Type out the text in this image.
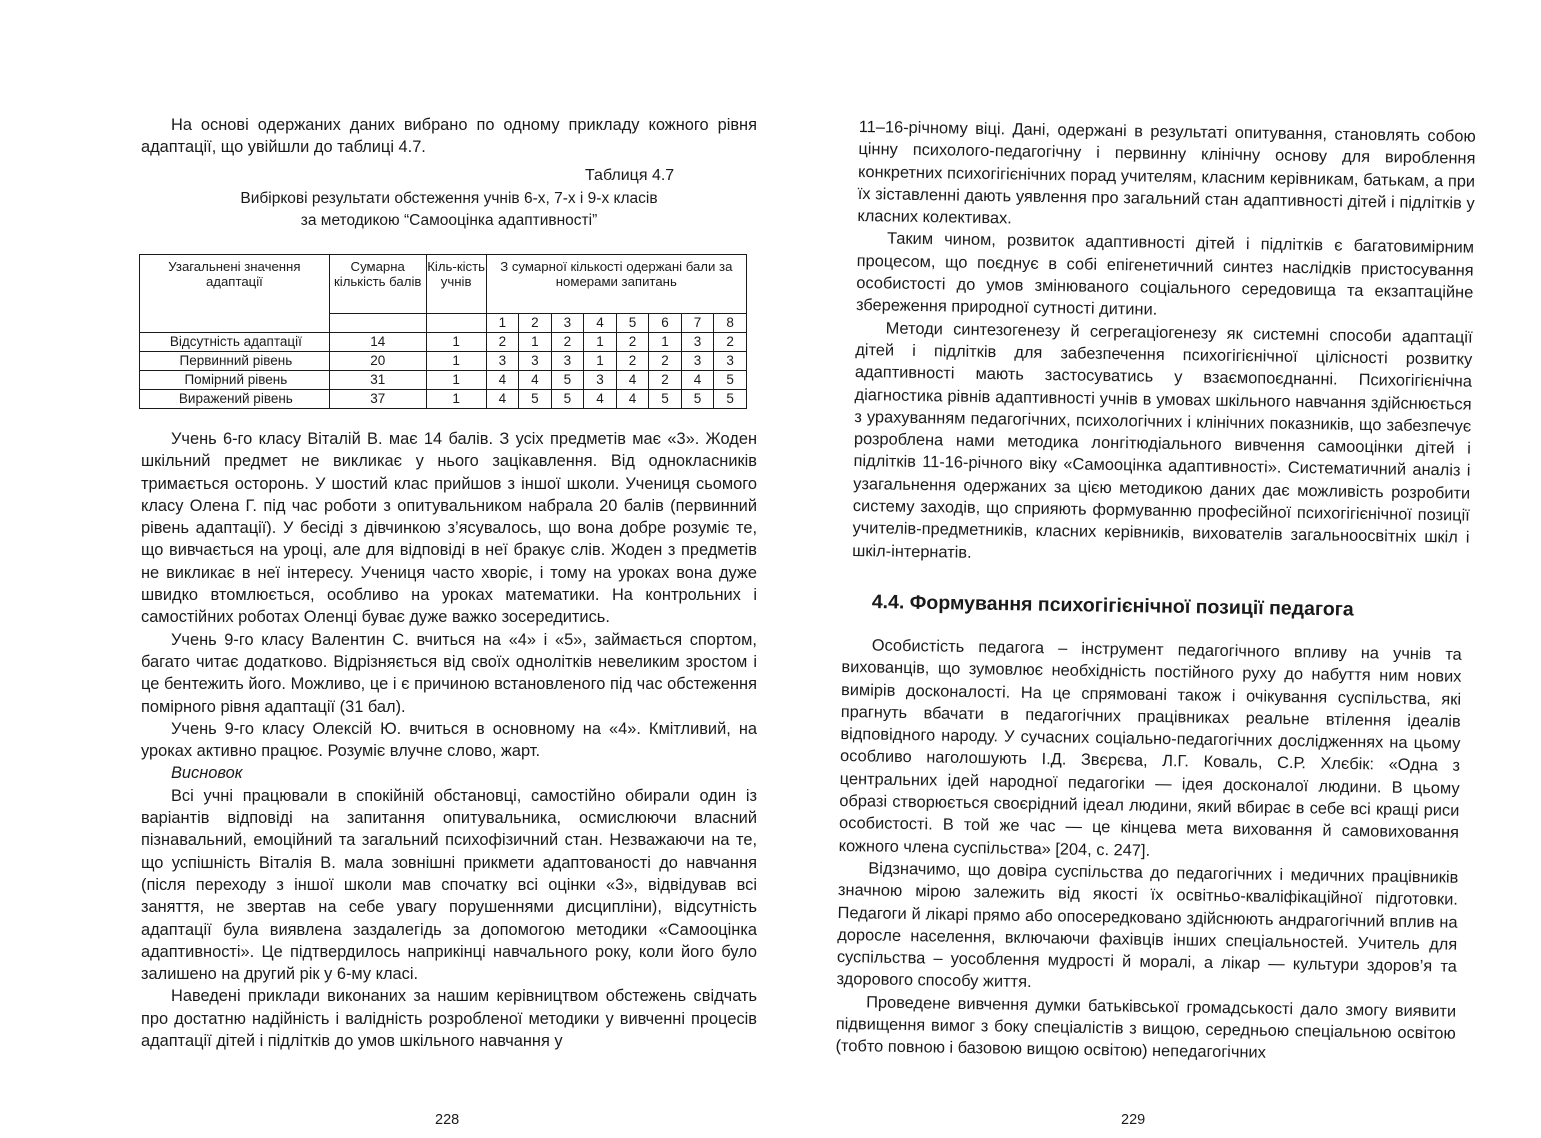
На основі одержаних даних вибрано по одному прикладу кожного рівня адаптації, що увійшли до таблиці 4.7.

Таблиця 4.7
Вибіркові результати обстеження учнів 6-х, 7-х і 9-х класів
за методикою “Самооцінка адаптивності”
Узагальнені значення адаптації	Сумарна кількість балів	Кіль-кість учнів	З сумарної кількості одержані бали за номерами запитань							
			1	2	3	4	5	6	7	8
Відсутність адаптації	14	1	2	1	2	1	2	1	3	2
Первинний рівень	20	1	3	3	3	1	2	2	3	3
Помірний рівень	31	1	4	4	5	3	4	2	4	5
Виражений рівень	37	1	4	5	5	4	4	5	5	5

Учень 6-го класу Віталій В. має 14 балів. З усіх предметів має «3». Жоден шкільний предмет не викликає у нього зацікавлення. Від однокласників тримається осторонь. У шостий клас прийшов з іншої школи. Учениця сьомого класу Олена Г. під час роботи з опитувальником набрала 20 балів (первинний рівень адаптації). У бесіді з дівчинкою з’ясувалось, що вона добре розуміє те, що вивчається на уроці, але для відповіді в неї бракує слів. Жоден з предметів не викликає в неї інтересу. Учениця часто хворіє, і тому на уроках вона дуже швидко втомлюється, особливо на уроках математики. На контрольних і самостійних роботах Оленці буває дуже важко зосередитись.

Учень 9-го класу Валентин С. вчиться на «4» і «5», займається спортом, багато читає додатково. Відрізняється від своїх однолітків невеликим зростом і це бентежить його. Можливо, це і є причиною встановленого під час обстеження помірного рівня адаптації (31 бал).

Учень 9-го класу Олексій Ю. вчиться в основному на «4». Кмітливий, на уроках активно працює. Розуміє влучне слово, жарт.

Висновок

Всі учні працювали в спокійній обстановці, самостійно обирали один із варіантів відповіді на запитання опитувальника, осмислюючи власний пізнавальний, емоційний та загальний психофізичний стан. Незважаючи на те, що успішність Віталія В. мала зовнішні прикмети адаптованості до навчання (після переходу з іншої школи мав спочатку всі оцінки «3», відвідував всі заняття, не звертав на себе увагу порушеннями дисципліни), відсутність адаптації була виявлена заздалегідь за допомогою методики «Самооцінка адаптивності». Це підтвердилось наприкінці навчального року, коли його було залишено на другий рік у 6-му класі.

Наведені приклади виконаних за нашим керівництвом обстежень свідчать про достатню надійність і валідність розробленої методики у вивченні процесів адаптації дітей і підлітків до умов шкільного навчання у

228

11–16-річному віці. Дані, одержані в результаті опитування, становлять собою цінну психолого-педагогічну і первинну клінічну основу для вироблення конкретних психогігієнічних порад учителям, класним керівникам, батькам, а при їх зіставленні дають уявлення про загальний стан адаптивності дітей і підлітків у класних колективах.

Таким чином, розвиток адаптивності дітей і підлітків є багатовимірним процесом, що поєднує в собі епігенетичний синтез наслідків пристосування особистості до умов змінюваного соціального середовища та екзаптаційне збереження природної сутності дитини.

Методи синтезогенезу й сегрегаціогенезу як системні способи адаптації дітей і підлітків для забезпечення психогігієнічної цілісності розвитку адаптивності мають застосуватись у взаємопоєднанні. Психогігієнічна діагностика рівнів адаптивності учнів в умовах шкільного навчання здійснюється з урахуванням педагогічних, психологічних і клінічних показників, що забезпечує розроблена нами методика лонгітюдіального вивчення самооцінки дітей і підлітків 11-16-річного віку «Самооцінка адаптивності». Систематичний аналіз і узагальнення одержаних за цією методикою даних дає можливість розробити систему заходів, що сприяють формуванню професійної психогігієнічної позиції учителів-предметників, класних керівників, вихователів загальноосвітніх шкіл і шкіл-інтернатів.

4.4. Формування психогігієнічної позиції педагога

Особистість педагога – інструмент педагогічного впливу на учнів та вихованців, що зумовлює необхідність постійного руху до набуття ним нових вимірів досконалості. На це спрямовані також і очікування суспільства, які прагнуть вбачати в педагогічних працівниках реальне втілення ідеалів відповідного народу. У сучасних соціально-педагогічних дослідженнях на цьому особливо наголошують І.Д. Звєрєва, Л.Г. Коваль, С.Р. Хлєбік: «Одна з центральних ідей народної педагогіки — ідея досконалої людини. В цьому образі створюється своєрідний ідеал людини, який вбирає в себе всі кращі риси особистості. В той же час — це кінцева мета виховання й самовиховання кожного члена суспільства» [204, с. 247].

Відзначимо, що довіра суспільства до педагогічних і медичних працівників значною мірою залежить від якості їх освітньо-кваліфікаційної підготовки. Педагоги й лікарі прямо або опосередковано здійснюють андрагогічний вплив на доросле населення, включаючи фахівців інших спеціальностей. Учитель для суспільства – уособлення мудрості й моралі, а лікар — культури здоров’я та здорового способу життя.

Проведене вивчення думки батьківської громадськості дало змогу виявити підвищення вимог з боку спеціалістів з вищою, середньою спеціальною освітою (тобто повною і базовою вищою освітою) непедагогічних

229
